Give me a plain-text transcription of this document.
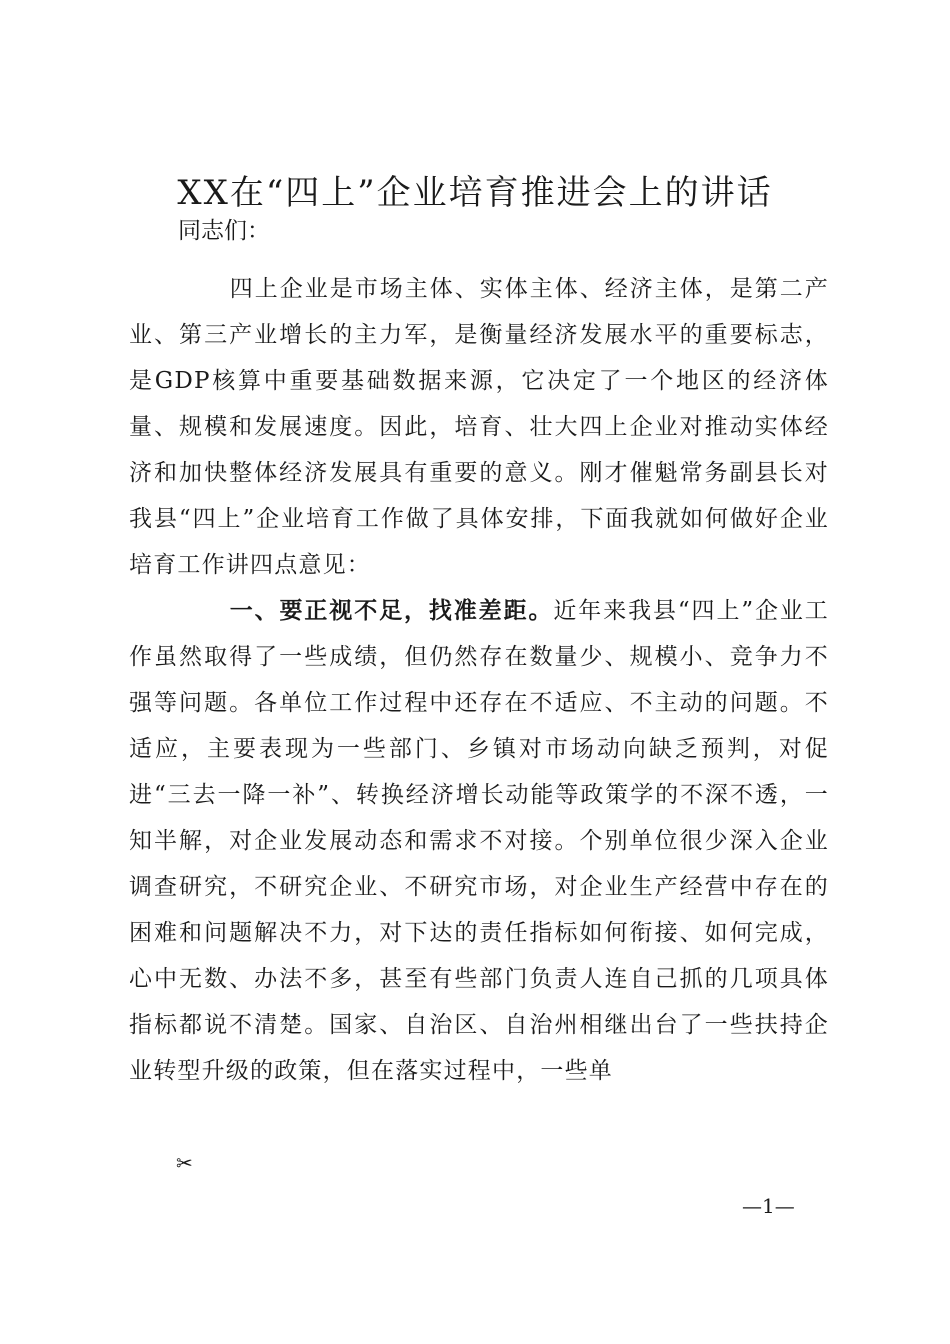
XX在“四上”企业培育推进会上的讲话
同志们：

四上企业是市场主体、实体主体、经济主体，是第二产业、第三产业增长的主力军，是衡量经济发展水平的重要标志，是GDP核算中重要基础数据来源，它决定了一个地区的经济体量、规模和发展速度。因此，培育、壮大四上企业对推动实体经济和加快整体经济发展具有重要的意义。刚才催魁常务副县长对我县“四上”企业培育工作做了具体安排，下面我就如何做好企业培育工作讲四点意见：

一、要正视不足，找准差距。近年来我县“四上”企业工作虽然取得了一些成绩，但仍然存在数量少、规模小、竞争力不强等问题。各单位工作过程中还存在不适应、不主动的问题。不适应，主要表现为一些部门、乡镇对市场动向缺乏预判，对促进“三去一降一补”、转换经济增长动能等政策学的不深不透，一知半解，对企业发展动态和需求不对接。个别单位很少深入企业调查研究，不研究企业、不研究市场，对企业生产经营中存在的困难和问题解决不力，对下达的责任指标如何衔接、如何完成，心中无数、办法不多，甚至有些部门负责人连自己抓的几项具体指标都说不清楚。国家、自治区、自治州相继出台了一些扶持企业转型升级的政策，但在落实过程中，一些单

✂
—1—
